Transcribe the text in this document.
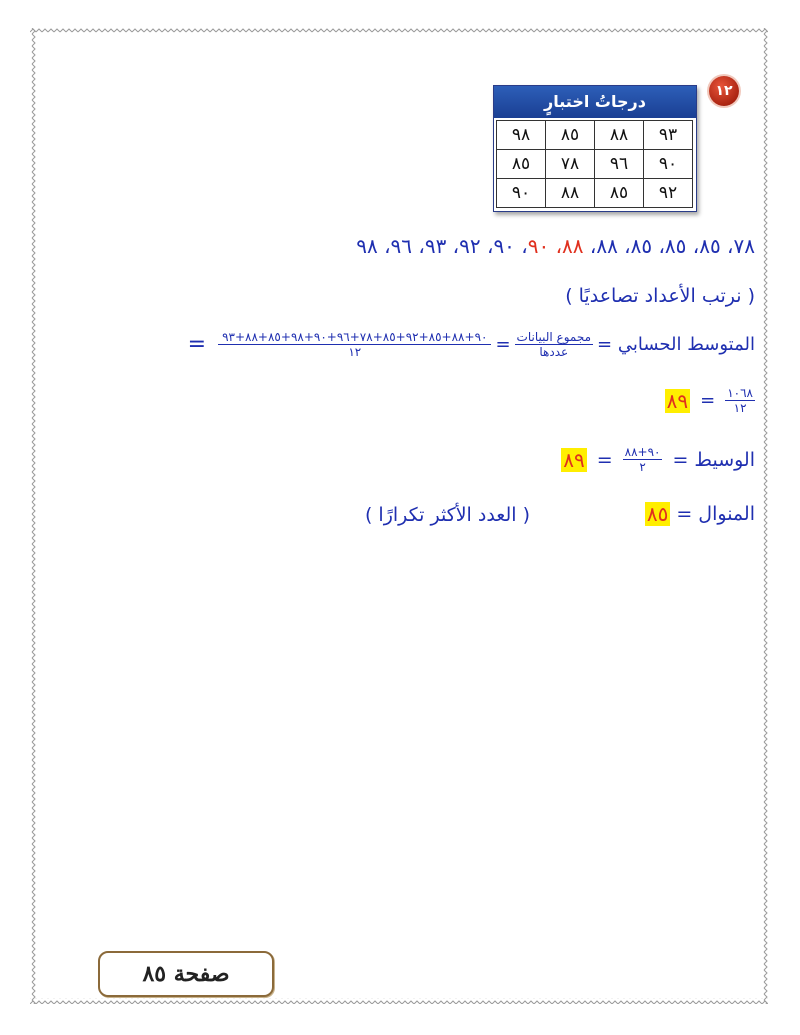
١٢
درجاتُ اختبارٍ
٩٣
٨٨
٨٥
٩٨
٩٠
٩٦
٧٨
٨٥
٩٢
٨٥
٨٨
٩٠
٧٨، ٨٥، ٨٥، ٨٥، ٨٨، ٨٨، ٩٠، ٩٠، ٩٢، ٩٣، ٩٦، ٩٨
( نرتب الأعداد تصاعديًا )
المتوسط الحسابي =
$\frac{\text{مجموع البيانات}}{\text{عددها}}$
=
$\frac{٩٠+٨٨+٨٥+٩٢+٨٥+٧٨+٩٦+٩٠+٩٨+٨٥+٨٨+٩٣}{١٢}$
=
$\frac{١٠٦٨}{١٢}$
=
٨٩
الوسيط =
$\frac{٩٠+٨٨}{٢}$
=
٨٩
المنوال =
٨٥
( العدد الأكثر تكرارًا )
صفحة ٨٥
